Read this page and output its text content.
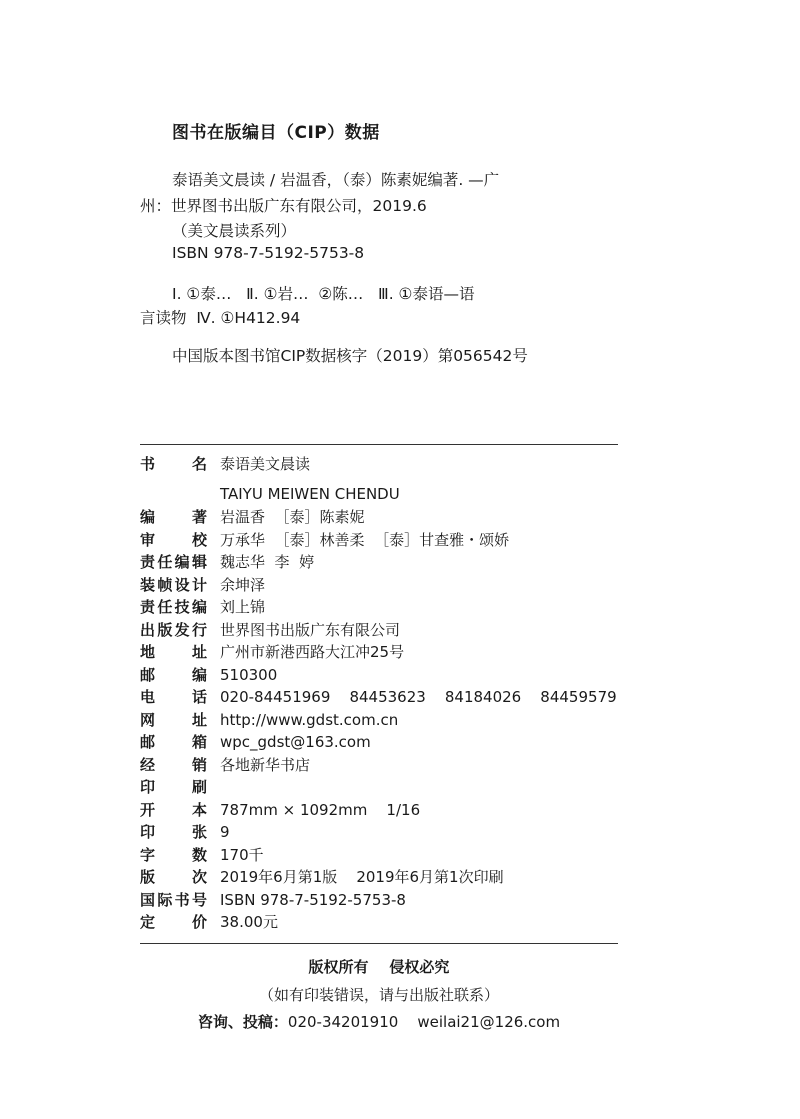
图书在版编目（CIP）数据
泰语美文晨读 / 岩温香，（泰）陈素妮编著. —广
州：世界图书出版广东有限公司，2019.6
（美文晨读系列）
ISBN 978-7-5192-5753-8
Ⅰ. ①泰…   Ⅱ. ①岩…  ②陈…   Ⅲ. ①泰语—语
言读物  Ⅳ. ①H412.94
中国版本图书馆CIP数据核字（2019）第056542号
书　名 泰语美文晨读
TAIYU MEIWEN CHENDU
编　著 岩温香  ［泰］陈素妮
审　校 万承华  ［泰］林善柔  ［泰］甘查雅・颂娇
责任编辑 魏志华  李  婷
装帧设计 余坤泽
责任技编 刘上锦
出版发行 世界图书出版广东有限公司
地　址 广州市新港西路大江冲25号
邮　编 510300
电　话 020-84451969    84453623    84184026    84459579
网　址 http://www.gdst.com.cn
邮　箱 wpc_gdst@163.com
经　销 各地新华书店
印　刷
开　本 787mm × 1092mm    1/16
印　张 9
字　数 170千
版　次 2019年6月第1版    2019年6月第1次印刷
国际书号 ISBN 978-7-5192-5753-8
定　价 38.00元
版权所有    侵权必究
（如有印装错误，请与出版社联系）
咨询、投稿：020-34201910    weilai21@126.com
